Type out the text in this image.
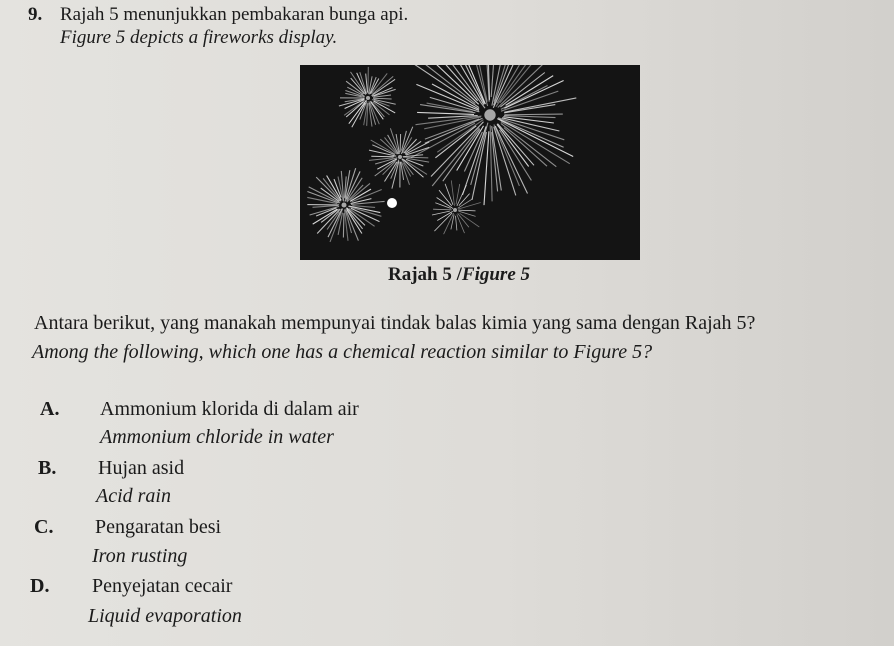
9. Rajah 5 menunjukkan pembakaran bunga api.
Figure 5 depicts a fireworks display.
Rajah 5 /Figure 5
Antara berikut, yang manakah mempunyai tindak balas kimia yang sama dengan Rajah 5?
Among the following, which one has a chemical reaction similar to Figure 5?
A. Ammonium klorida di dalam air
Ammonium chloride in water
B. Hujan asid
Acid rain
C. Pengaratan besi
Iron rusting
D. Penyejatan cecair
Liquid evaporation
